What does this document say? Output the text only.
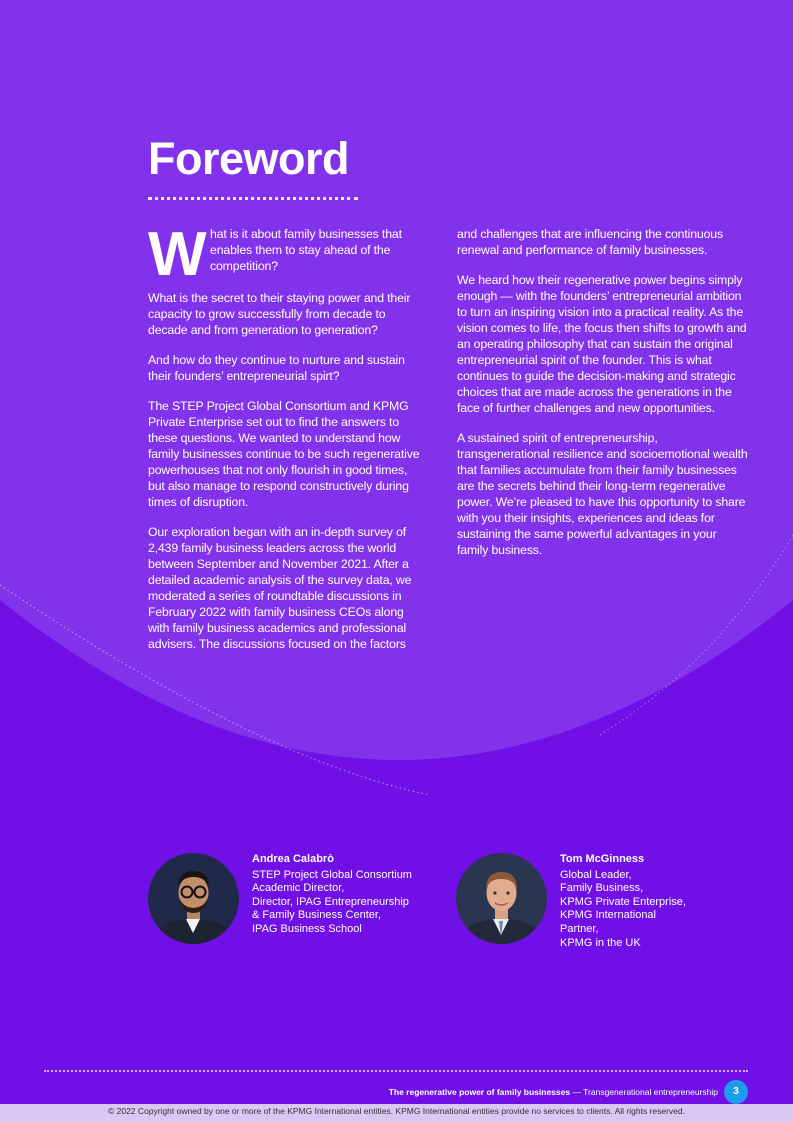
Foreword
W hat is it about family businesses that enables them to stay ahead of the competition?

What is the secret to their staying power and their capacity to grow successfully from decade to decade and from generation to generation?

And how do they continue to nurture and sustain their founders’ entrepreneurial spirt?

The STEP Project Global Consortium and KPMG Private Enterprise set out to find the answers to these questions. We wanted to understand how family businesses continue to be such regenerative powerhouses that not only flourish in good times, but also manage to respond constructively during times of disruption.

Our exploration began with an in-depth survey of 2,439 family business leaders across the world between September and November 2021. After a detailed academic analysis of the survey data, we moderated a series of roundtable discussions in February 2022 with family business CEOs along with family business academics and professional advisers. The discussions focused on the factors

and challenges that are influencing the continuous renewal and performance of family businesses.

We heard how their regenerative power begins simply enough — with the founders’ entrepreneurial ambition to turn an inspiring vision into a practical reality. As the vision comes to life, the focus then shifts to growth and an operating philosophy that can sustain the original entrepreneurial spirit of the founder. This is what continues to guide the decision-making and strategic choices that are made across the generations in the face of further challenges and new opportunities.

A sustained spirit of entrepreneurship, transgenerational resilience and socioemotional wealth that families accumulate from their family businesses are the secrets behind their long-term regenerative power. We’re pleased to have this opportunity to share with you their insights, experiences and ideas for sustaining the same powerful advantages in your family business.

Andrea Calabrò
STEP Project Global Consortium
Academic Director,
Director, IPAG Entrepreneurship
& Family Business Center,
IPAG Business School
Tom McGinness
Global Leader,
Family Business,
KPMG Private Enterprise,
KPMG International
Partner,
KPMG in the UK
The regenerative power of family businesses — Transgenerational entrepreneurship	3
© 2022 Copyright owned by one or more of the KPMG International entities. KPMG International entities provide no services to clients. All rights reserved.
